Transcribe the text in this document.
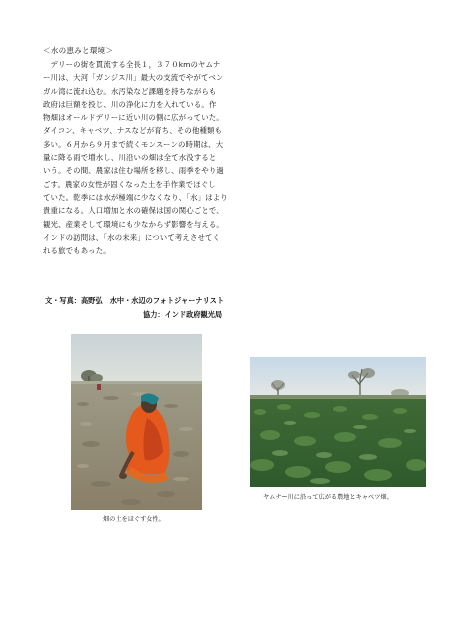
＜水の恵みと環境＞
　デリーの街を貫流する全長１，３７０kmのヤムナ
ー川は、大河「ガンジス川」最大の支流でやがてベン
ガル湾に流れ込む。水汚染など課題を持ちながらも
政府は巨額を投じ、川の浄化に力を入れている。作
物畑はオールドデリーに近い川の側に広がっていた。
ダイコン、キャベツ、ナスなどが育ち、その他種類も
多い。６月から９月まで続くモンスーンの時期は、大
量に降る雨で増水し、川沿いの畑は全て水没すると
いう。その間、農家は住む場所を移し、雨季をやり過
ごす。農家の女性が固くなった土を手作業でほぐし
ていた。乾季には水が極端に少なくなり、「水」はより
貴重になる。人口増加と水の確保は国の関心ごとで、
観光、産業そして環境にも少なからず影響を与える。
インドの訪問は、「水の未来」について考えさせてく
れる旅でもあった。
文・写真：高野弘　水中・水辺のフォトジャーナリスト
協力：インド政府観光局
畑の土をほぐす女性。
ヤムナー川に沿って広がる農地とキャベツ畑。
